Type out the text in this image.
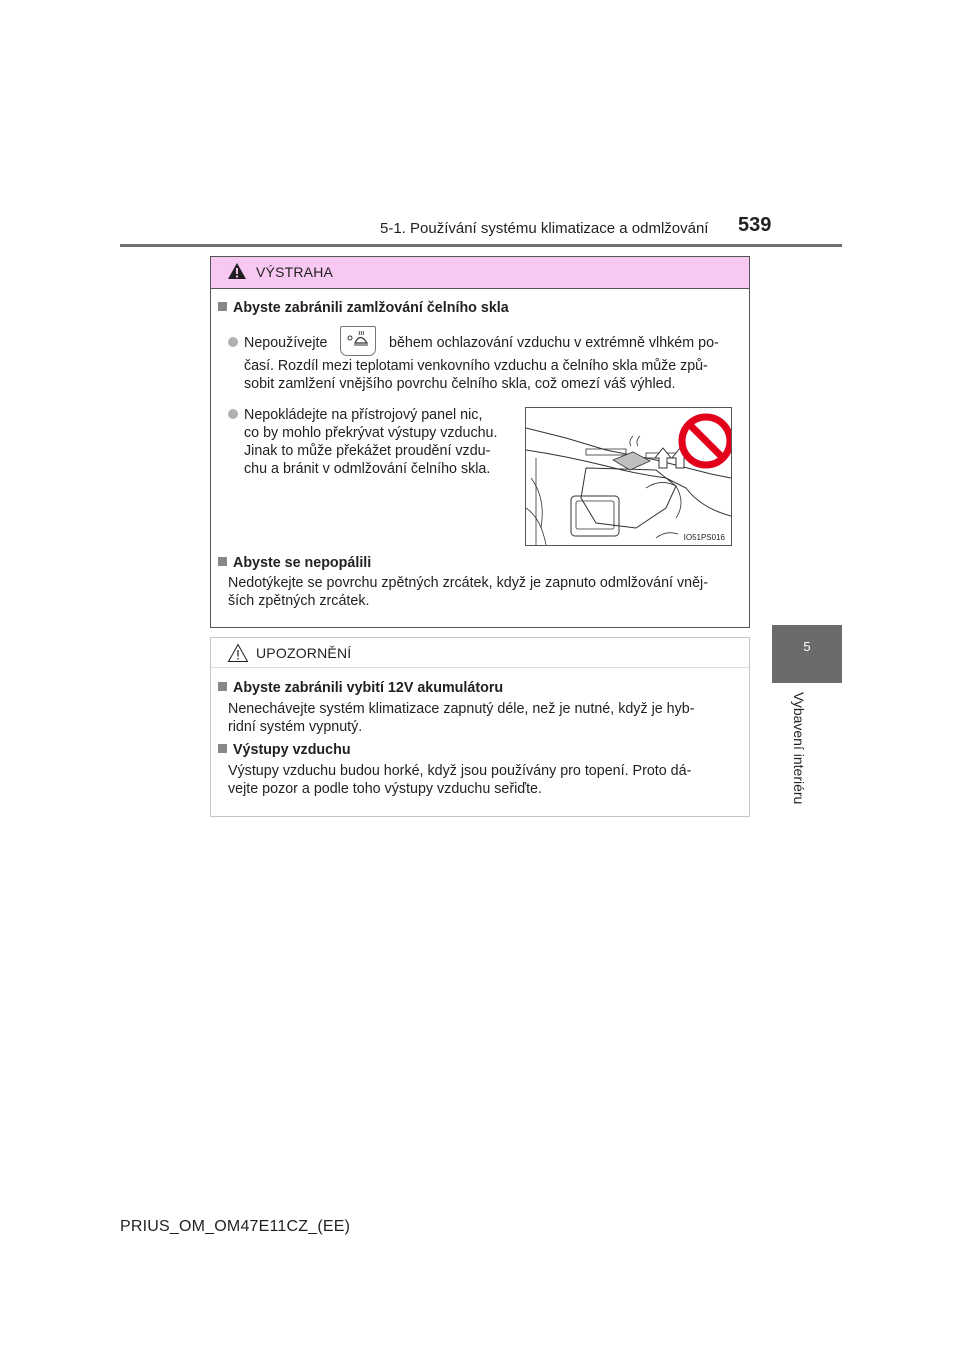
5-1. Používání systému klimatizace a odmlžování 539
5
Vybavení interiéru
VÝSTRAHA
Abyste zabránili zamlžování čelního skla
Nepoužívejte	během ochlazování vzduchu v extrémně vlhkém po-
časí. Rozdíl mezi teplotami venkovního vzduchu a čelního skla může způ-
sobit zamlžení vnějšího povrchu čelního skla, což omezí váš výhled.
Nepokládejte na přístrojový panel nic,
co by mohlo překrývat výstupy vzduchu.
Jinak to může překážet proudění vzdu-
chu a bránit v odmlžování čelního skla.
IO51PS016
Abyste se nepopálili
Nedotýkejte se povrchu zpětných zrcátek, když je zapnuto odmlžování vněj-
ších zpětných zrcátek.
UPOZORNĚNÍ
Abyste zabránili vybití 12V akumulátoru
Nenechávejte systém klimatizace zapnutý déle, než je nutné, když je hyb-
ridní systém vypnutý.
Výstupy vzduchu
Výstupy vzduchu budou horké, když jsou používány pro topení. Proto dá-
vejte pozor a podle toho výstupy vzduchu seřiďte.
PRIUS_OM_OM47E11CZ_(EE)
